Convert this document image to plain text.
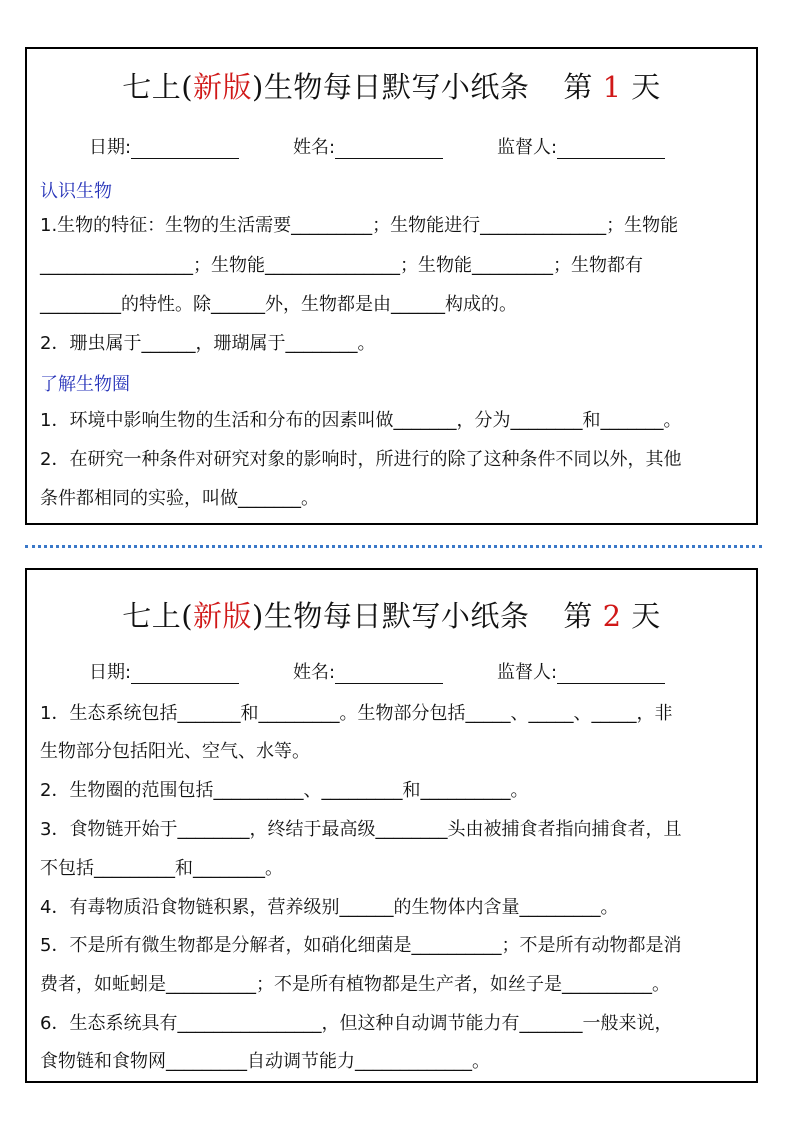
七上(新版)生物每日默写小纸条 第 1 天
日期:	姓名:	监督人:
认识生物
1.生物的特征：生物的生活需要_________；生物能进行______________；生物能
_________________；生物能_______________；生物能_________；生物都有
_________的特性。除______外，生物都是由______构成的。
2．珊虫属于______，珊瑚属于________。
了解生物圈
1．环境中影响生物的生活和分布的因素叫做_______，分为________和_______。
2．在研究一种条件对研究对象的影响时，所进行的除了这种条件不同以外，其他
条件都相同的实验，叫做_______。
七上(新版)生物每日默写小纸条 第 2 天
日期:	姓名:	监督人:
1．生态系统包括_______和_________。生物部分包括_____、_____、_____，非
生物部分包括阳光、空气、水等。
2．生物圈的范围包括__________、_________和__________。
3．食物链开始于________，终结于最高级________头由被捕食者指向捕食者，且
不包括_________和________。
4．有毒物质沿食物链积累，营养级别______的生物体内含量_________。
5．不是所有微生物都是分解者，如硝化细菌是__________；不是所有动物都是消
费者，如蚯蚓是__________；不是所有植物都是生产者，如丝子是__________。
6．生态系统具有________________，但这种自动调节能力有_______一般来说，
食物链和食物网_________自动调节能力_____________。
